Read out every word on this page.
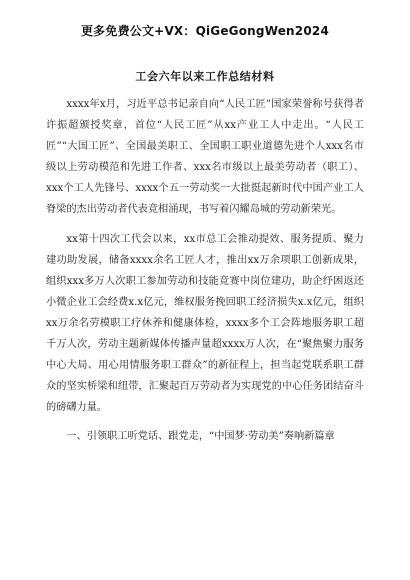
更多免费公文+VX：QiGeGongWen2024
工会六年以来工作总结材料

xxxx年x月，习近平总书记亲自向“人民工匠”国家荣誉称号获得者许振超颁授奖章，首位“人民工匠”从xx产业工人中走出。“人民工匠”“大国工匠”、全国最美职工、全国职工职业道德先进个人xxx名市级以上劳动模范和先进工作者、xxx名市级以上最美劳动者（职工）、xxx个工人先锋号、xxxx个五一劳动奖一大批挺起新时代中国产业工人脊梁的杰出劳动者代表竞相涌现，书写着闪耀岛城的劳动新荣光。

xx第十四次工代会以来，xx市总工会推动提效、服务提质、聚力建功助发展，储备xxxx余名工匠人才，推出xx万余项职工创新成果，组织xxx多万人次职工参加劳动和技能竞赛中岗位建功，助企纾困返还小微企业工会经费x.x亿元，维权服务挽回职工经济损失x.x亿元，组织xx万余名劳模职工疗休养和健康体检，xxxx多个工会阵地服务职工超千万人次，劳动主题新媒体传播声量超xxxx万人次，在“聚焦聚力服务中心大局、用心用情服务职工群众”的新征程上，担当起党联系职工群众的坚实桥梁和纽带，汇聚起百万劳动者为实现党的中心任务团结奋斗的磅礴力量。

一、引领职工听党话、跟党走，“中国梦·劳动美”奏响新篇章
